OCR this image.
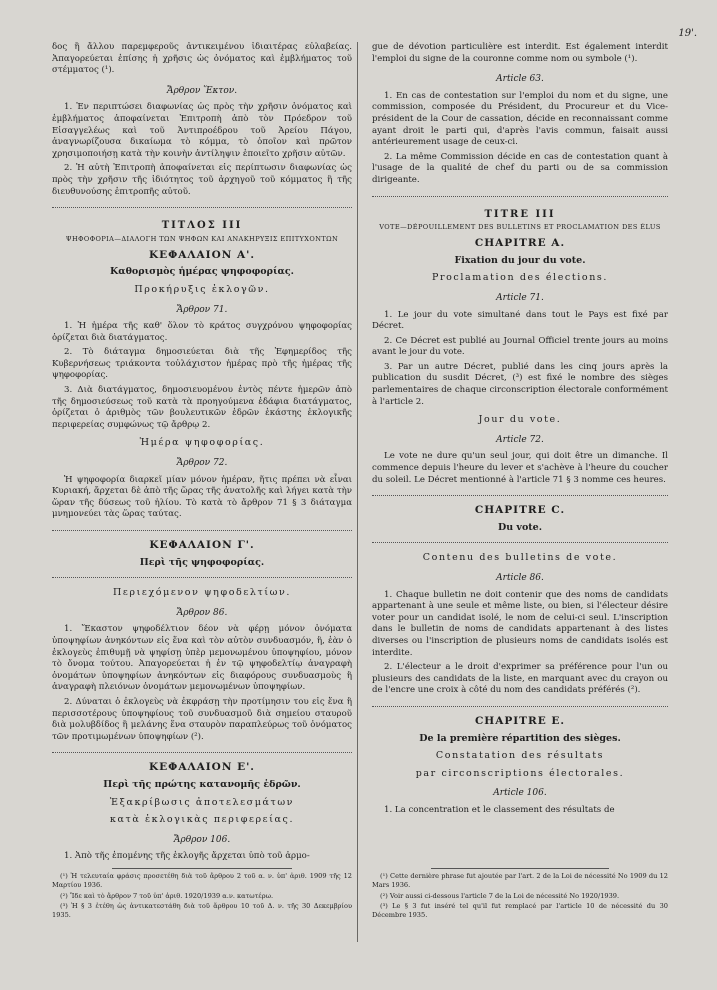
19'.

δος ἢ ἄλλου παρεμφεροῦς ἀντικειμένου ἰδιαιτέρας εὐλαβείας. Ἀπαγορεύεται ἐπίσης ἡ χρῆσις ὡς ὀνόματος καὶ ἐμβλήματος τοῦ στέμματος (¹).

Ἄρθρον Ἕκτον.

1. Ἐν περιπτώσει διαφωνίας ὡς πρὸς τὴν χρῆσιν ὀνόματος καὶ ἐμβλήματος ἀποφαίνεται Ἐπιτροπὴ ἀπὸ τὸν Πρόεδρον τοῦ Εἰσαγγελέως καὶ τοῦ Ἀντιπροέδρου τοῦ Ἀρείου Πάγου, ἀναγνωρίζουσα δικαίωμα τὸ κόμμα, τὸ ὁποῖον καὶ πρῶτον χρησιμοποιήσῃ κατὰ τὴν κοινὴν ἀντίληψιν ἐποιεῖτο χρῆσιν αὐτῶν.

2. Ἡ αὐτὴ Ἐπιτροπὴ ἀποφαίνεται εἰς περίπτωσιν διαφωνίας ὡς πρὸς τὴν χρῆσιν τῆς ἰδιότητος τοῦ ἀρχηγοῦ τοῦ κόμματος ἢ τῆς διευθυνούσης ἐπιτροπῆς αὐτοῦ.

ΤΙΤΛΟΣ III
ΨΗΦΟΦΟΡΙΑ—ΔΙΑΛΟΓΗ ΤΩΝ ΨΗΦΩΝ ΚΑΙ ΑΝΑΚΗΡΥΞΙΣ ΕΠΙΤΥΧΟΝΤΩΝ
ΚΕΦΑΛΑΙΟΝ Α'.
Καθορισμὸς ἡμέρας ψηφοφορίας.
Προκήρυξις ἐκλογῶν.
Ἄρθρον 71.

1. Ἡ ἡμέρα τῆς καθ' ὅλον τὸ κράτος συγχρόνου ψηφοφορίας ὁρίζεται διὰ διατάγματος.

2. Τὸ διάταγμα δημοσιεύεται διὰ τῆς Ἐφημερίδος τῆς Κυβερνήσεως τριάκοντα τοὐλάχιστον ἡμέρας πρὸ τῆς ἡμέρας τῆς ψηφοφορίας.

3. Διὰ διατάγματος, δημοσιευομένου ἐντὸς πέντε ἡμερῶν ἀπὸ τῆς δημοσιεύσεως τοῦ κατὰ τὰ προηγούμενα ἐδάφια διατάγματος, ὁρίζεται ὁ ἀριθμὸς τῶν βουλευτικῶν ἑδρῶν ἑκάστης ἐκλογικῆς περιφερείας συμφώνως τῷ ἄρθρῳ 2.

Ἡμέρα ψηφοφορίας.
Ἄρθρον 72.

Ἡ ψηφοφορία διαρκεῖ μίαν μόνον ἡμέραν, ἥτις πρέπει νὰ εἶναι Κυριακή, ἄρχεται δὲ ἀπὸ τῆς ὥρας τῆς ἀνατολῆς καὶ λήγει κατὰ τὴν ὥραν τῆς δύσεως τοῦ ἡλίου. Τὸ κατὰ τὸ ἄρθρον 71 § 3 διάταγμα μνημονεύει τὰς ὥρας ταύτας.

ΚΕΦΑΛΑΙΟΝ Γ'.
Περὶ τῆς ψηφοφορίας.
Περιεχόμενον ψηφοδελτίων.
Ἄρθρον 86.

1. Ἕκαστον ψηφοδέλτιον δέον νὰ φέρῃ μόνον ὀνόματα ὑποψηφίων ἀνηκόντων εἰς ἕνα καὶ τὸν αὐτὸν συνδυασμόν, ἢ, ἐὰν ὁ ἐκλογεὺς ἐπιθυμῇ νὰ ψηφίσῃ ὑπὲρ μεμονωμένου ὑποψηφίου, μόνον τὸ ὄνομα τούτου. Ἀπαγορεύεται ἡ ἐν τῷ ψηφοδελτίῳ ἀναγραφὴ ὀνομάτων ὑποψηφίων ἀνηκόντων εἰς διαφόρους συνδυασμοὺς ἢ ἀναγραφὴ πλειόνων ὀνομάτων μεμονωμένων ὑποψηφίων.

2. Δύναται ὁ ἐκλογεὺς νὰ ἐκφράσῃ τὴν προτίμησιν του εἰς ἕνα ἢ περισσοτέρους ὑποψηφίους τοῦ συνδυασμοῦ διὰ σημείου σταυροῦ διὰ μολυβδίδος ἢ μελάνης ἕνα σταυρὸν παραπλεύρως τοῦ ὀνόματος τῶν προτιμωμένων ὑποψηφίων (²).

ΚΕΦΑΛΑΙΟΝ Ε'.
Περὶ τῆς πρώτης κατανομῆς ἑδρῶν.
Ἐξακρίβωσις ἀποτελεσμάτων
κατὰ ἐκλογικὰς περιφερείας.
Ἄρθρον 106.

1. Ἀπὸ τῆς ἐπομένης τῆς ἐκλογῆς ἄρχεται ὑπὸ τοῦ ἁρμο-

gue de dévotion particulière est interdit. Est également interdit l'emploi du signe de la couronne comme nom ou symbole (¹).

Article 63.

1. En cas de contestation sur l'emploi du nom et du signe, une commission, composée du Président, du Procureur et du Vice-président de la Cour de cassation, décide en reconnaissant comme ayant droit le parti qui, d'après l'avis commun, faisait aussi antérieurement usage de ceux-ci.

2. La même Commission décide en cas de contestation quant à l'usage de la qualité de chef du parti ou de sa commission dirigeante.

TITRE III
VOTE—DÉPOUILLEMENT DES BULLETINS ET PROCLAMATION DES ÉLUS
CHAPITRE A.
Fixation du jour du vote.
Proclamation des élections.
Article 71.

1. Le jour du vote simultané dans tout le Pays est fixé par Décret.

2. Ce Décret est publié au Journal Officiel trente jours au moins avant le jour du vote.

3. Par un autre Décret, publié dans les cinq jours après la publication du susdit Décret, (³) est fixé le nombre des sièges parlementaires de chaque circonscription électorale conformément à l'article 2.

Jour du vote.
Article 72.

Le vote ne dure qu'un seul jour, qui doit être un dimanche. Il commence depuis l'heure du lever et s'achève à l'heure du coucher du soleil. Le Décret mentionné à l'article 71 § 3 nomme ces heures.

CHAPITRE C.
Du vote.
Contenu des bulletins de vote.
Article 86.

1. Chaque bulletin ne doit contenir que des noms de candidats appartenant à une seule et même liste, ou bien, si l'électeur désire voter pour un candidat isolé, le nom de celui-ci seul. L'inscription dans le bulletin de noms de candidats appartenant à des listes diverses ou l'inscription de plusieurs noms de candidats isolés est interdite.

2. L'électeur a le droit d'exprimer sa préférence pour l'un ou plusieurs des candidats de la liste, en marquant avec du crayon ou de l'encre une croix à côté du nom des candidats préférés (²).

CHAPITRE E.
De la première répartition des sièges.
Constatation des résultats
par circonscriptions électorales.
Article 106.

1. La concentration et le classement des résultats de

(¹) Ἡ τελευταία φράσις προσετέθη διὰ τοῦ ἄρθρου 2 τοῦ α. ν. ὑπ' ἀριθ. 1909 τῆς 12 Μαρτίου 1936.

(²) Ἴδε καὶ τὸ ἄρθρον 7 τοῦ ὑπ' ἀριθ. 1920/1939 α.ν. κατωτέρω.

(³) Ἡ § 3 ἐτέθη ὡς ἀντικατεστάθη διὰ τοῦ ἄρθρου 10 τοῦ Δ. ν. τῆς 30 Δεκεμβρίου 1935.

(¹) Cette dernière phrase fut ajoutée par l'art. 2 de la Loi de nécessité No 1909 du 12 Mars 1936.

(²) Voir aussi ci-dessous l'article 7 de la Loi de nécessité No 1920/1939.

(³) Le § 3 fut inséré tel qu'il fut remplacé par l'article 10 de nécessité du 30 Décembre 1935.
